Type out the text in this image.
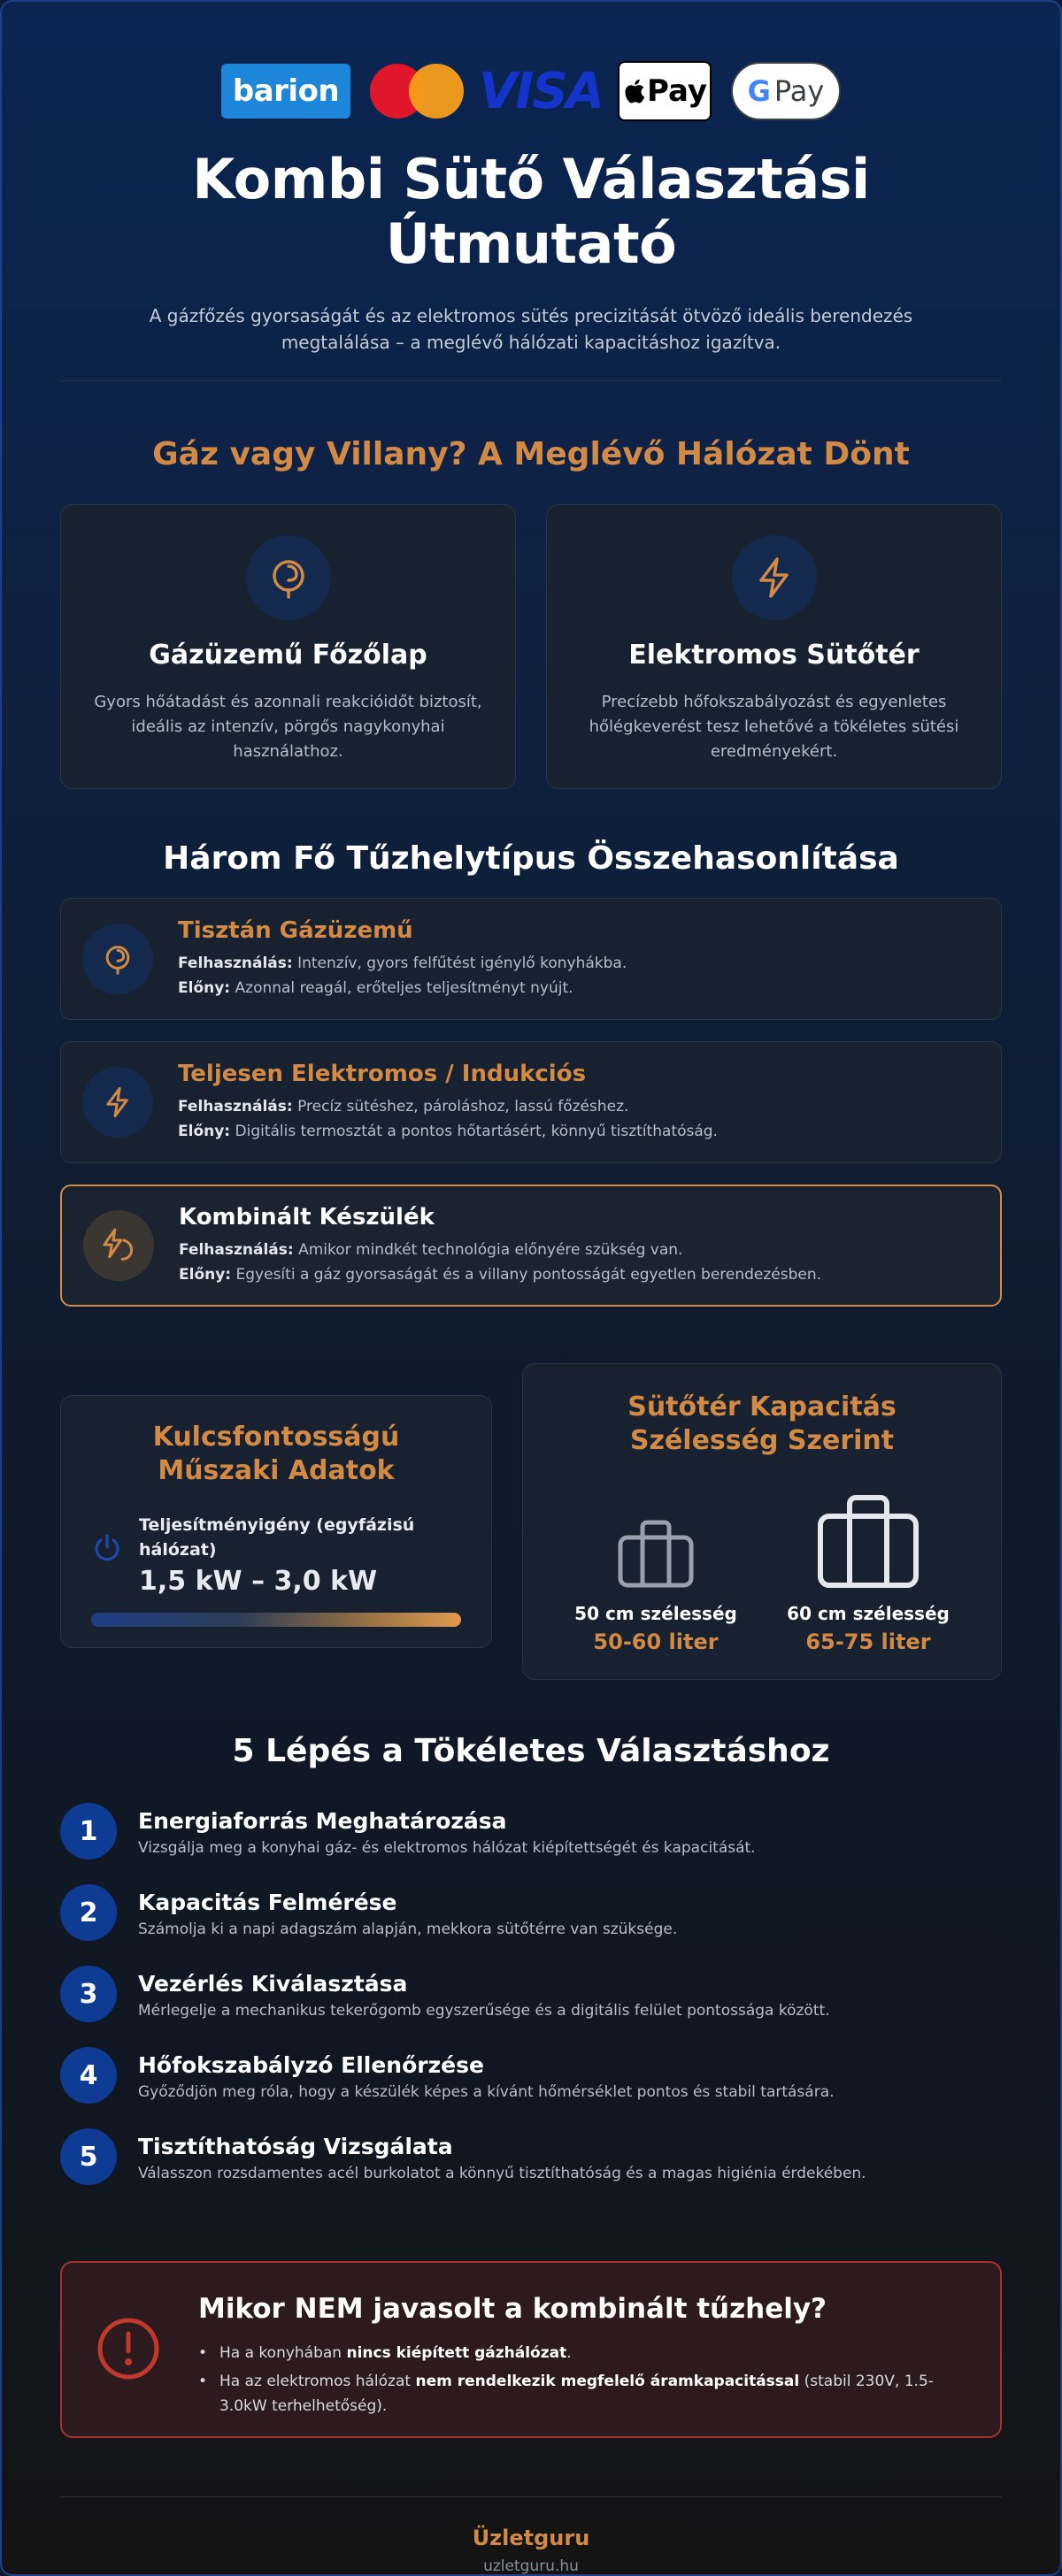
barion	VISA Pay G Pay
Kombi Sütő Választási Útmutató

A gázfőzés gyorsaságát és az elektromos sütés precizitását ötvöző ideális berendezés megtalálása – a meglévő hálózati kapacitáshoz igazítva.

Gáz vagy Villany? A Meglévő Hálózat Dönt
Gázüzemű Főzőlap

Gyors hőátadást és azonnali reakcióidőt biztosít, ideális az intenzív, pörgős nagykonyhai használathoz.

Elektromos Sütőtér

Precízebb hőfokszabályozást és egyenletes hőlégkeverést tesz lehetővé a tökéletes sütési eredményekért.

Három Fő Tűzhelytípus Összehasonlítása
Tisztán Gázüzemű

Felhasználás: Intenzív, gyors felfűtést igénylő konyhákba.

Előny: Azonnal reagál, erőteljes teljesítményt nyújt.

Teljesen Elektromos / Indukciós

Felhasználás: Precíz sütéshez, pároláshoz, lassú főzéshez.

Előny: Digitális termosztát a pontos hőtartásért, könnyű tisztíthatóság.

Kombinált Készülék

Felhasználás: Amikor mindkét technológia előnyére szükség van.

Előny: Egyesíti a gáz gyorsaságát és a villany pontosságát egyetlen berendezésben.

Kulcsfontosságú Műszaki Adatok
Teljesítményigény (egyfázisú hálózat)
1,5 kW – 3,0 kW
Sütőtér Kapacitás Szélesség Szerint
50 cm szélesség
50-60 liter
60 cm szélesség
65-75 liter
5 Lépés a Tökéletes Választáshoz
1	Energiaforrás Meghatározása

Vizsgálja meg a konyhai gáz- és elektromos hálózat kiépítettségét és kapacitását.

2	Kapacitás Felmérése

Számolja ki a napi adagszám alapján, mekkora sütőtérre van szüksége.

3	Vezérlés Kiválasztása

Mérlegelje a mechanikus tekerőgomb egyszerűsége és a digitális felület pontossága között.

4	Hőfokszabályzó Ellenőrzése

Győződjön meg róla, hogy a készülék képes a kívánt hőmérséklet pontos és stabil tartására.

5	Tisztíthatóság Vizsgálata

Válasszon rozsdamentes acél burkolatot a könnyű tisztíthatóság és a magas higiénia érdekében.

Mikor NEM javasolt a kombinált tűzhely?
• Ha a konyhában nincs kiépített gázhálózat.
• Ha az elektromos hálózat nem rendelkezik megfelelő áramkapacitással (stabil 230V, 1.5-3.0kW terhelhetőség).
Üzletguru
uzletguru.hu
